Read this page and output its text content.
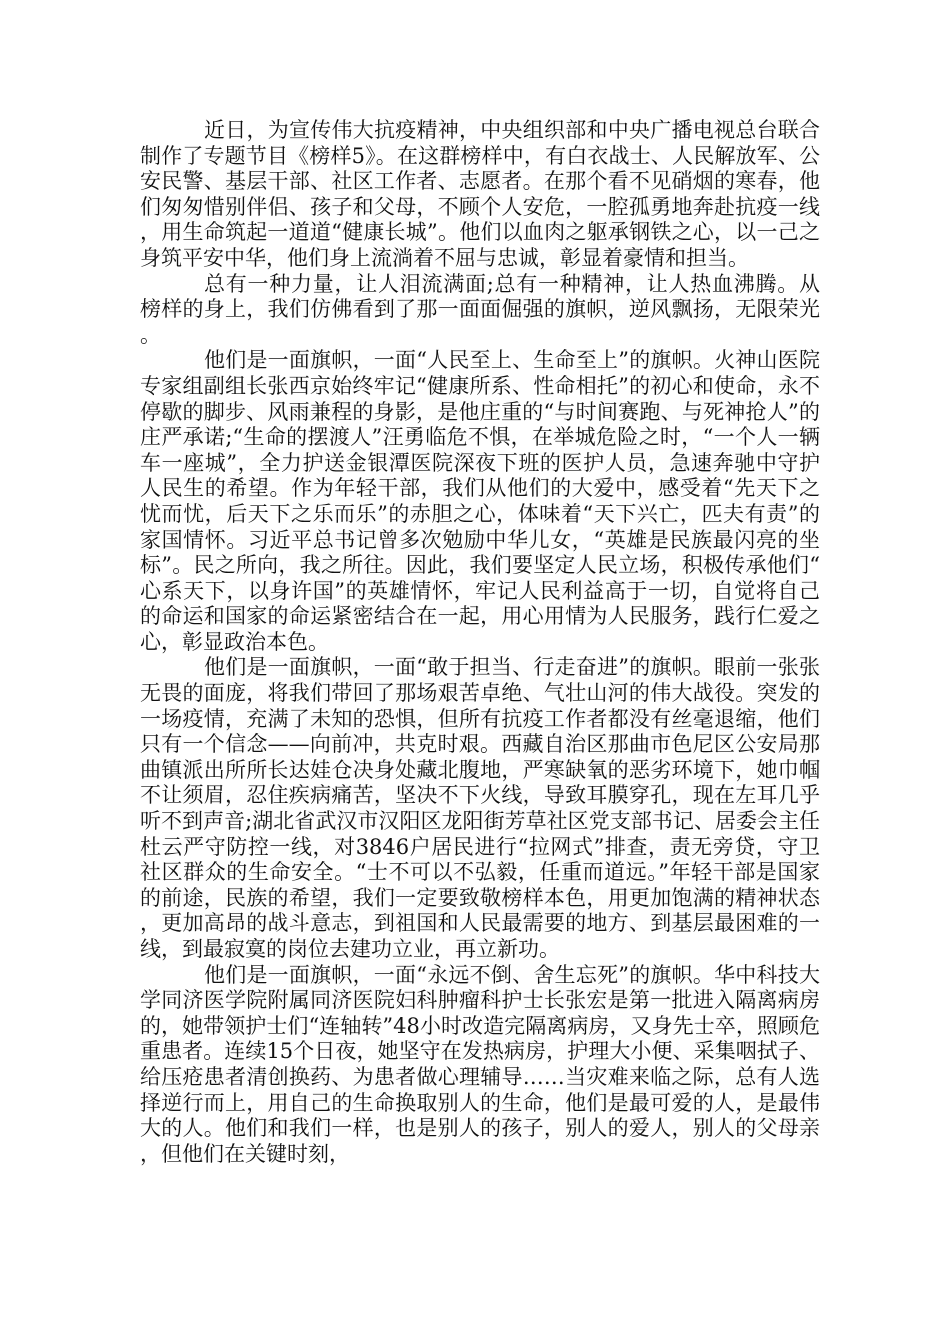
近日，为宣传伟大抗疫精神，中央组织部和中央广播电视总台联合制作了专题节目《榜样5》。在这群榜样中，有白衣战士、人民解放军、公安民警、基层干部、社区工作者、志愿者。在那个看不见硝烟的寒春，他们匆匆惜别伴侣、孩子和父母，不顾个人安危，一腔孤勇地奔赴抗疫一线，用生命筑起一道道“健康长城”。他们以血肉之躯承钢铁之心，以一己之身筑平安中华，他们身上流淌着不屈与忠诚，彰显着豪情和担当。

总有一种力量，让人泪流满面;总有一种精神，让人热血沸腾。从榜样的身上，我们仿佛看到了那一面面倔强的旗帜，逆风飘扬，无限荣光。

他们是一面旗帜，一面“人民至上、生命至上”的旗帜。火神山医院专家组副组长张西京始终牢记“健康所系、性命相托”的初心和使命，永不停歇的脚步、风雨兼程的身影，是他庄重的“与时间赛跑、与死神抢人”的庄严承诺;“生命的摆渡人”汪勇临危不惧，在举城危险之时，“一个人一辆车一座城”，全力护送金银潭医院深夜下班的医护人员，急速奔驰中守护人民生的希望。作为年轻干部，我们从他们的大爱中，感受着“先天下之忧而忧，后天下之乐而乐”的赤胆之心，体味着“天下兴亡，匹夫有责”的家国情怀。习近平总书记曾多次勉励中华儿女，“英雄是民族最闪亮的坐标”。民之所向，我之所往。因此，我们要坚定人民立场，积极传承他们“心系天下，以身许国”的英雄情怀，牢记人民利益高于一切，自觉将自己的命运和国家的命运紧密结合在一起，用心用情为人民服务，践行仁爱之心，彰显政治本色。

他们是一面旗帜，一面“敢于担当、行走奋进”的旗帜。眼前一张张无畏的面庞，将我们带回了那场艰苦卓绝、气壮山河的伟大战役。突发的一场疫情，充满了未知的恐惧，但所有抗疫工作者都没有丝毫退缩，他们只有一个信念——向前冲，共克时艰。西藏自治区那曲市色尼区公安局那曲镇派出所所长达娃仓决身处藏北腹地，严寒缺氧的恶劣环境下，她巾帼不让须眉，忍住疾病痛苦，坚决不下火线，导致耳膜穿孔，现在左耳几乎听不到声音;湖北省武汉市汉阳区龙阳街芳草社区党支部书记、居委会主任杜云严守防控一线，对3846户居民进行“拉网式”排查，责无旁贷，守卫社区群众的生命安全。“士不可以不弘毅，任重而道远。”年轻干部是国家的前途，民族的希望，我们一定要致敬榜样本色，用更加饱满的精神状态，更加高昂的战斗意志，到祖国和人民最需要的地方、到基层最困难的一线，到最寂寞的岗位去建功立业，再立新功。

他们是一面旗帜，一面“永远不倒、舍生忘死”的旗帜。华中科技大学同济医学院附属同济医院妇科肿瘤科护士长张宏是第一批进入隔离病房的，她带领护士们“连轴转”48小时改造完隔离病房，又身先士卒，照顾危重患者。连续15个日夜，她坚守在发热病房，护理大小便、采集咽拭子、给压疮患者清创换药、为患者做心理辅导……当灾难来临之际，总有人选择逆行而上，用自己的生命换取别人的生命，他们是最可爱的人，是最伟大的人。他们和我们一样，也是别人的孩子，别人的爱人，别人的父母亲，但他们在关键时刻，
